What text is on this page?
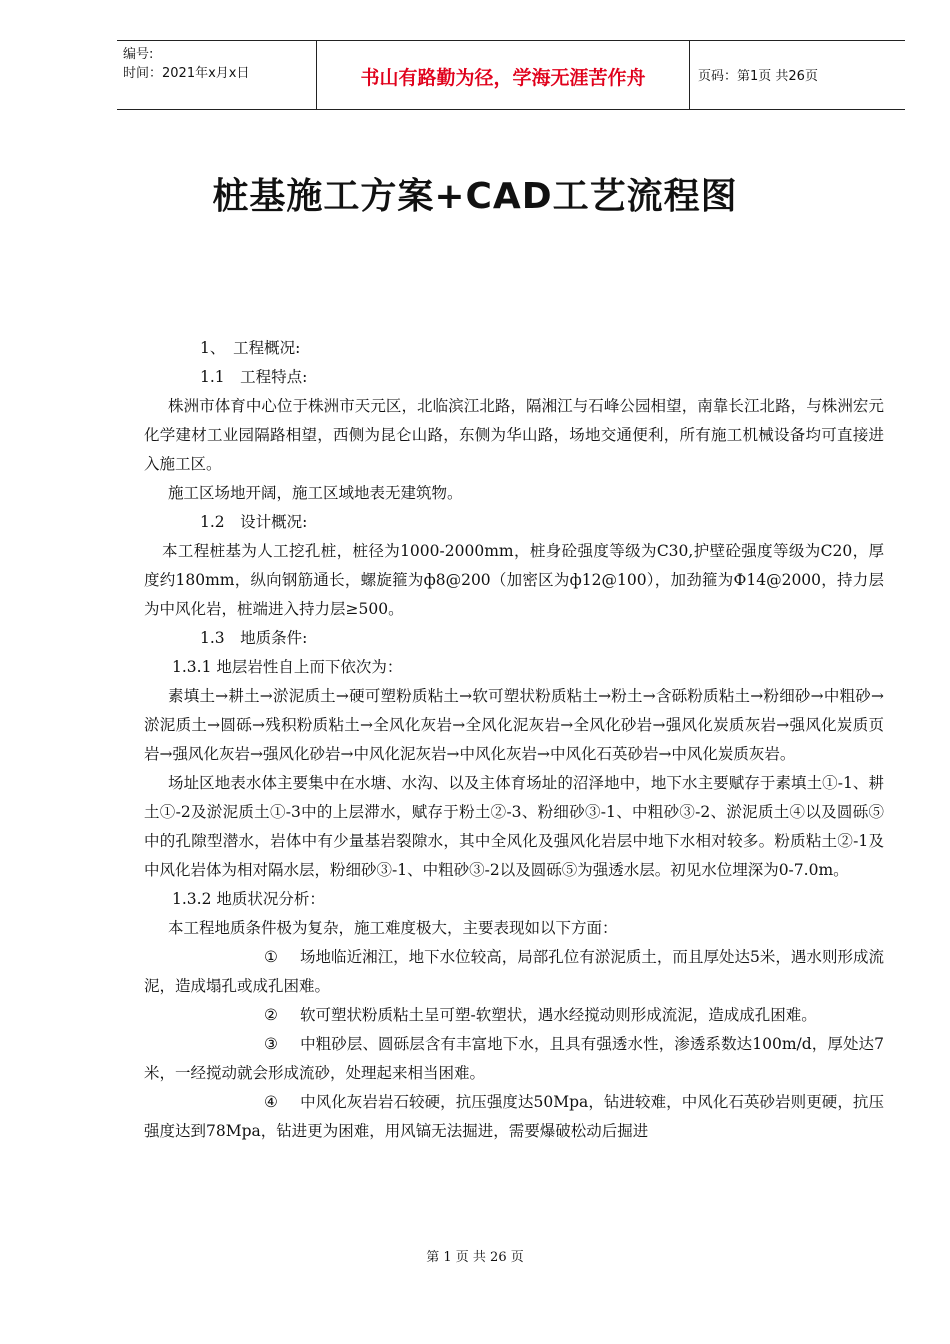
编号:
时间：2021年x月x日	书山有路勤为径，学海无涯苦作舟	页码：第1页 共26页
桩基施工方案+CAD工艺流程图

1、　工程概况:

1.1　工程特点:

株洲市体育中心位于株洲市天元区，北临滨江北路，隔湘江与石峰公园相望，南靠长江北路，与株洲宏元化学建材工业园隔路相望，西侧为昆仑山路，东侧为华山路，场地交通便利，所有施工机械设备均可直接进入施工区。

施工区场地开阔，施工区域地表无建筑物。

1.2　设计概况:

本工程桩基为人工挖孔桩，桩径为1000-2000mm，桩身砼强度等级为C30,护壁砼强度等级为C20，厚度约180mm，纵向钢筋通长，螺旋箍为ф8@200（加密区为ф12@100），加劲箍为Ф14@2000，持力层为中风化岩，桩端进入持力层≥500。

1.3　地质条件:

1.3.1 地层岩性自上而下依次为：

素填土→耕土→淤泥质土→硬可塑粉质粘土→软可塑状粉质粘土→粉土→含砾粉质粘土→粉细砂→中粗砂→淤泥质土→圆砾→残积粉质粘土→全风化灰岩→全风化泥灰岩→全风化砂岩→强风化炭质灰岩→强风化炭质页岩→强风化灰岩→强风化砂岩→中风化泥灰岩→中风化灰岩→中风化石英砂岩→中风化炭质灰岩。

场址区地表水体主要集中在水塘、水沟、以及主体育场址的沼泽地中，地下水主要赋存于素填土①-1、耕土①-2及淤泥质土①-3中的上层滞水，赋存于粉土②-3、粉细砂③-1、中粗砂③-2、淤泥质土④以及圆砾⑤中的孔隙型潜水，岩体中有少量基岩裂隙水，其中全风化及强风化岩层中地下水相对较多。粉质粘土②-1及中风化岩体为相对隔水层，粉细砂③-1、中粗砂③-2以及圆砾⑤为强透水层。初见水位埋深为0-7.0m。

1.3.2 地质状况分析：

本工程地质条件极为复杂，施工难度极大，主要表现如以下方面：

① 场地临近湘江，地下水位较高，局部孔位有淤泥质土，而且厚处达5米，遇水则形成流泥，造成塌孔或成孔困难。

② 软可塑状粉质粘土呈可塑-软塑状，遇水经搅动则形成流泥，造成成孔困难。

③ 中粗砂层、圆砾层含有丰富地下水，且具有强透水性，渗透系数达100m/d，厚处达7米，一经搅动就会形成流砂，处理起来相当困难。

④ 中风化灰岩岩石较硬，抗压强度达50Mpa，钻进较难，中风化石英砂岩则更硬，抗压强度达到78Mpa，钻进更为困难，用风镐无法掘进，需要爆破松动后掘进

第 1 页 共 26 页
